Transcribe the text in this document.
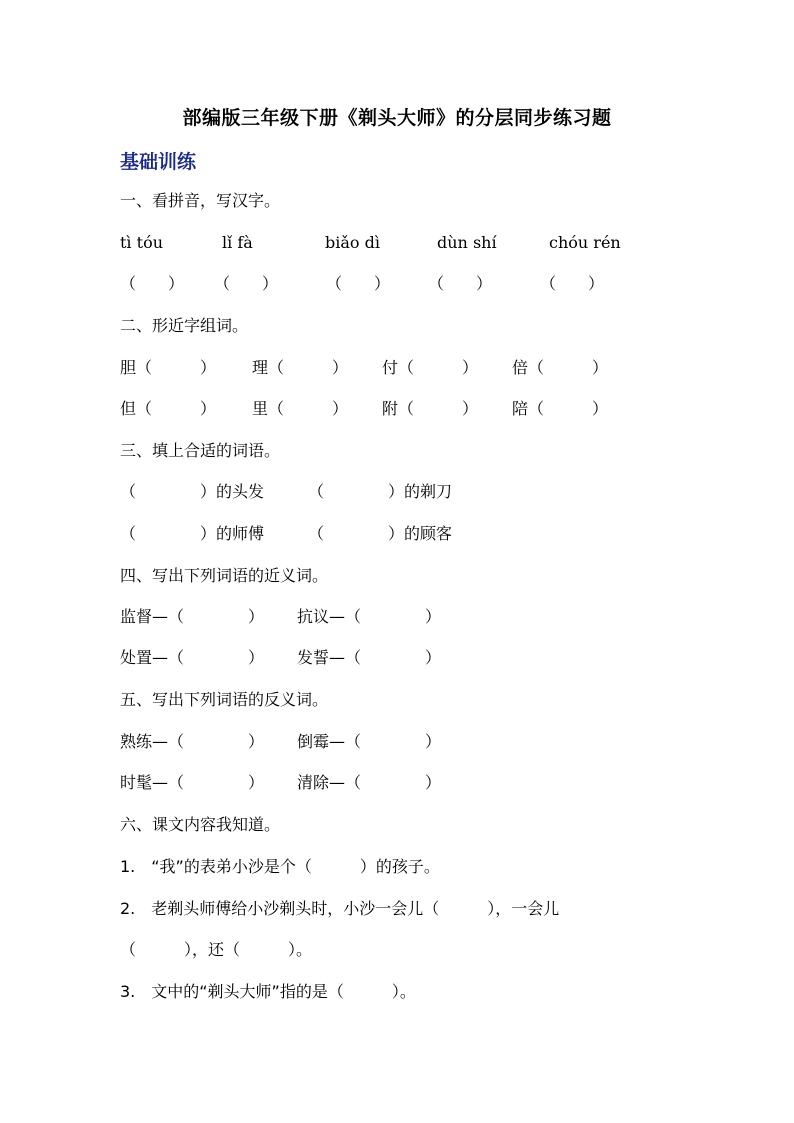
部编版三年级下册《剃头大师》的分层同步练习题
基础训练
一、看拼音，写汉字。
tì tóu	lǐ fà	biǎo dì	dùn shí	chóu rén
（　　） （　　）	（　　） （　　）	（　　）
二、形近字组词。
胆（　　　） 理（　　　） 付（　　　） 倍（　　　）
但（　　　） 里（　　　） 附（　　　） 陪（　　　）
三、填上合适的词语。
（　　　　）的头发	（　　　　）的剃刀
（　　　　）的师傅	（　　　　）的顾客
四、写出下列词语的近义词。
监督—（　　　　） 抗议—（　　　　）
处置—（　　　　） 发誓—（　　　　）
五、写出下列词语的反义词。
熟练—（　　　　） 倒霉—（　　　　）
时髦—（　　　　） 清除—（　　　　）
六、课文内容我知道。
1.　“我”的表弟小沙是个（　　　）的孩子。
2.　老剃头师傅给小沙剃头时，小沙一会儿（　　　），一会儿
（　　　），还（　　　）。
3.　文中的“剃头大师”指的是（　　　）。
